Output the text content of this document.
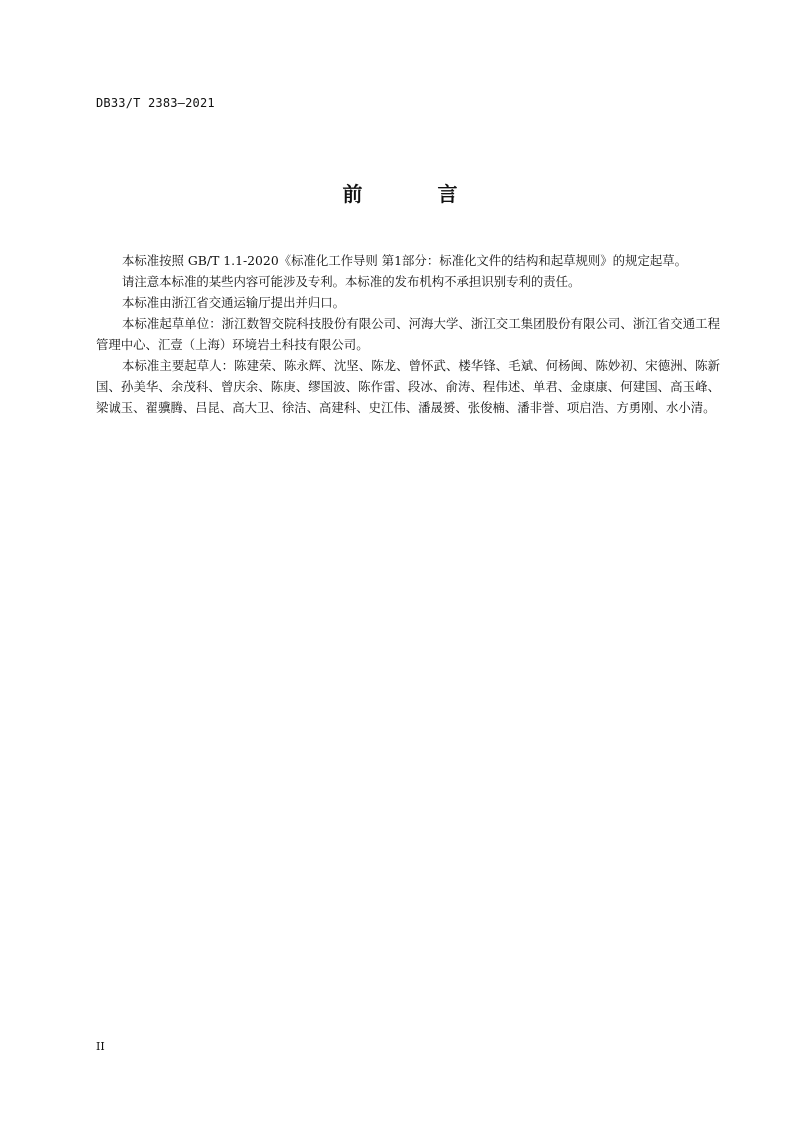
DB33/T 2383—2021
前 言

本标准按照 GB/T 1.1-2020《标准化工作导则 第1部分：标准化文件的结构和起草规则》的规定起草。

请注意本标准的某些内容可能涉及专利。本标准的发布机构不承担识别专利的责任。

本标准由浙江省交通运输厅提出并归口。

本标准起草单位：浙江数智交院科技股份有限公司、河海大学、浙江交工集团股份有限公司、浙江省交通工程管理中心、汇壹（上海）环境岩土科技有限公司。

本标准主要起草人：陈建荣、陈永辉、沈坚、陈龙、曾怀武、楼华锋、毛斌、何杨闽、陈妙初、宋德洲、陈新国、孙美华、余茂科、曾庆余、陈庚、缪国波、陈作雷、段冰、俞涛、程伟述、单君、金康康、何建国、高玉峰、梁诚玉、翟骥腾、吕昆、高大卫、徐洁、高建科、史江伟、潘晟赟、张俊楠、潘非誉、项启浩、方勇刚、水小清。

II
